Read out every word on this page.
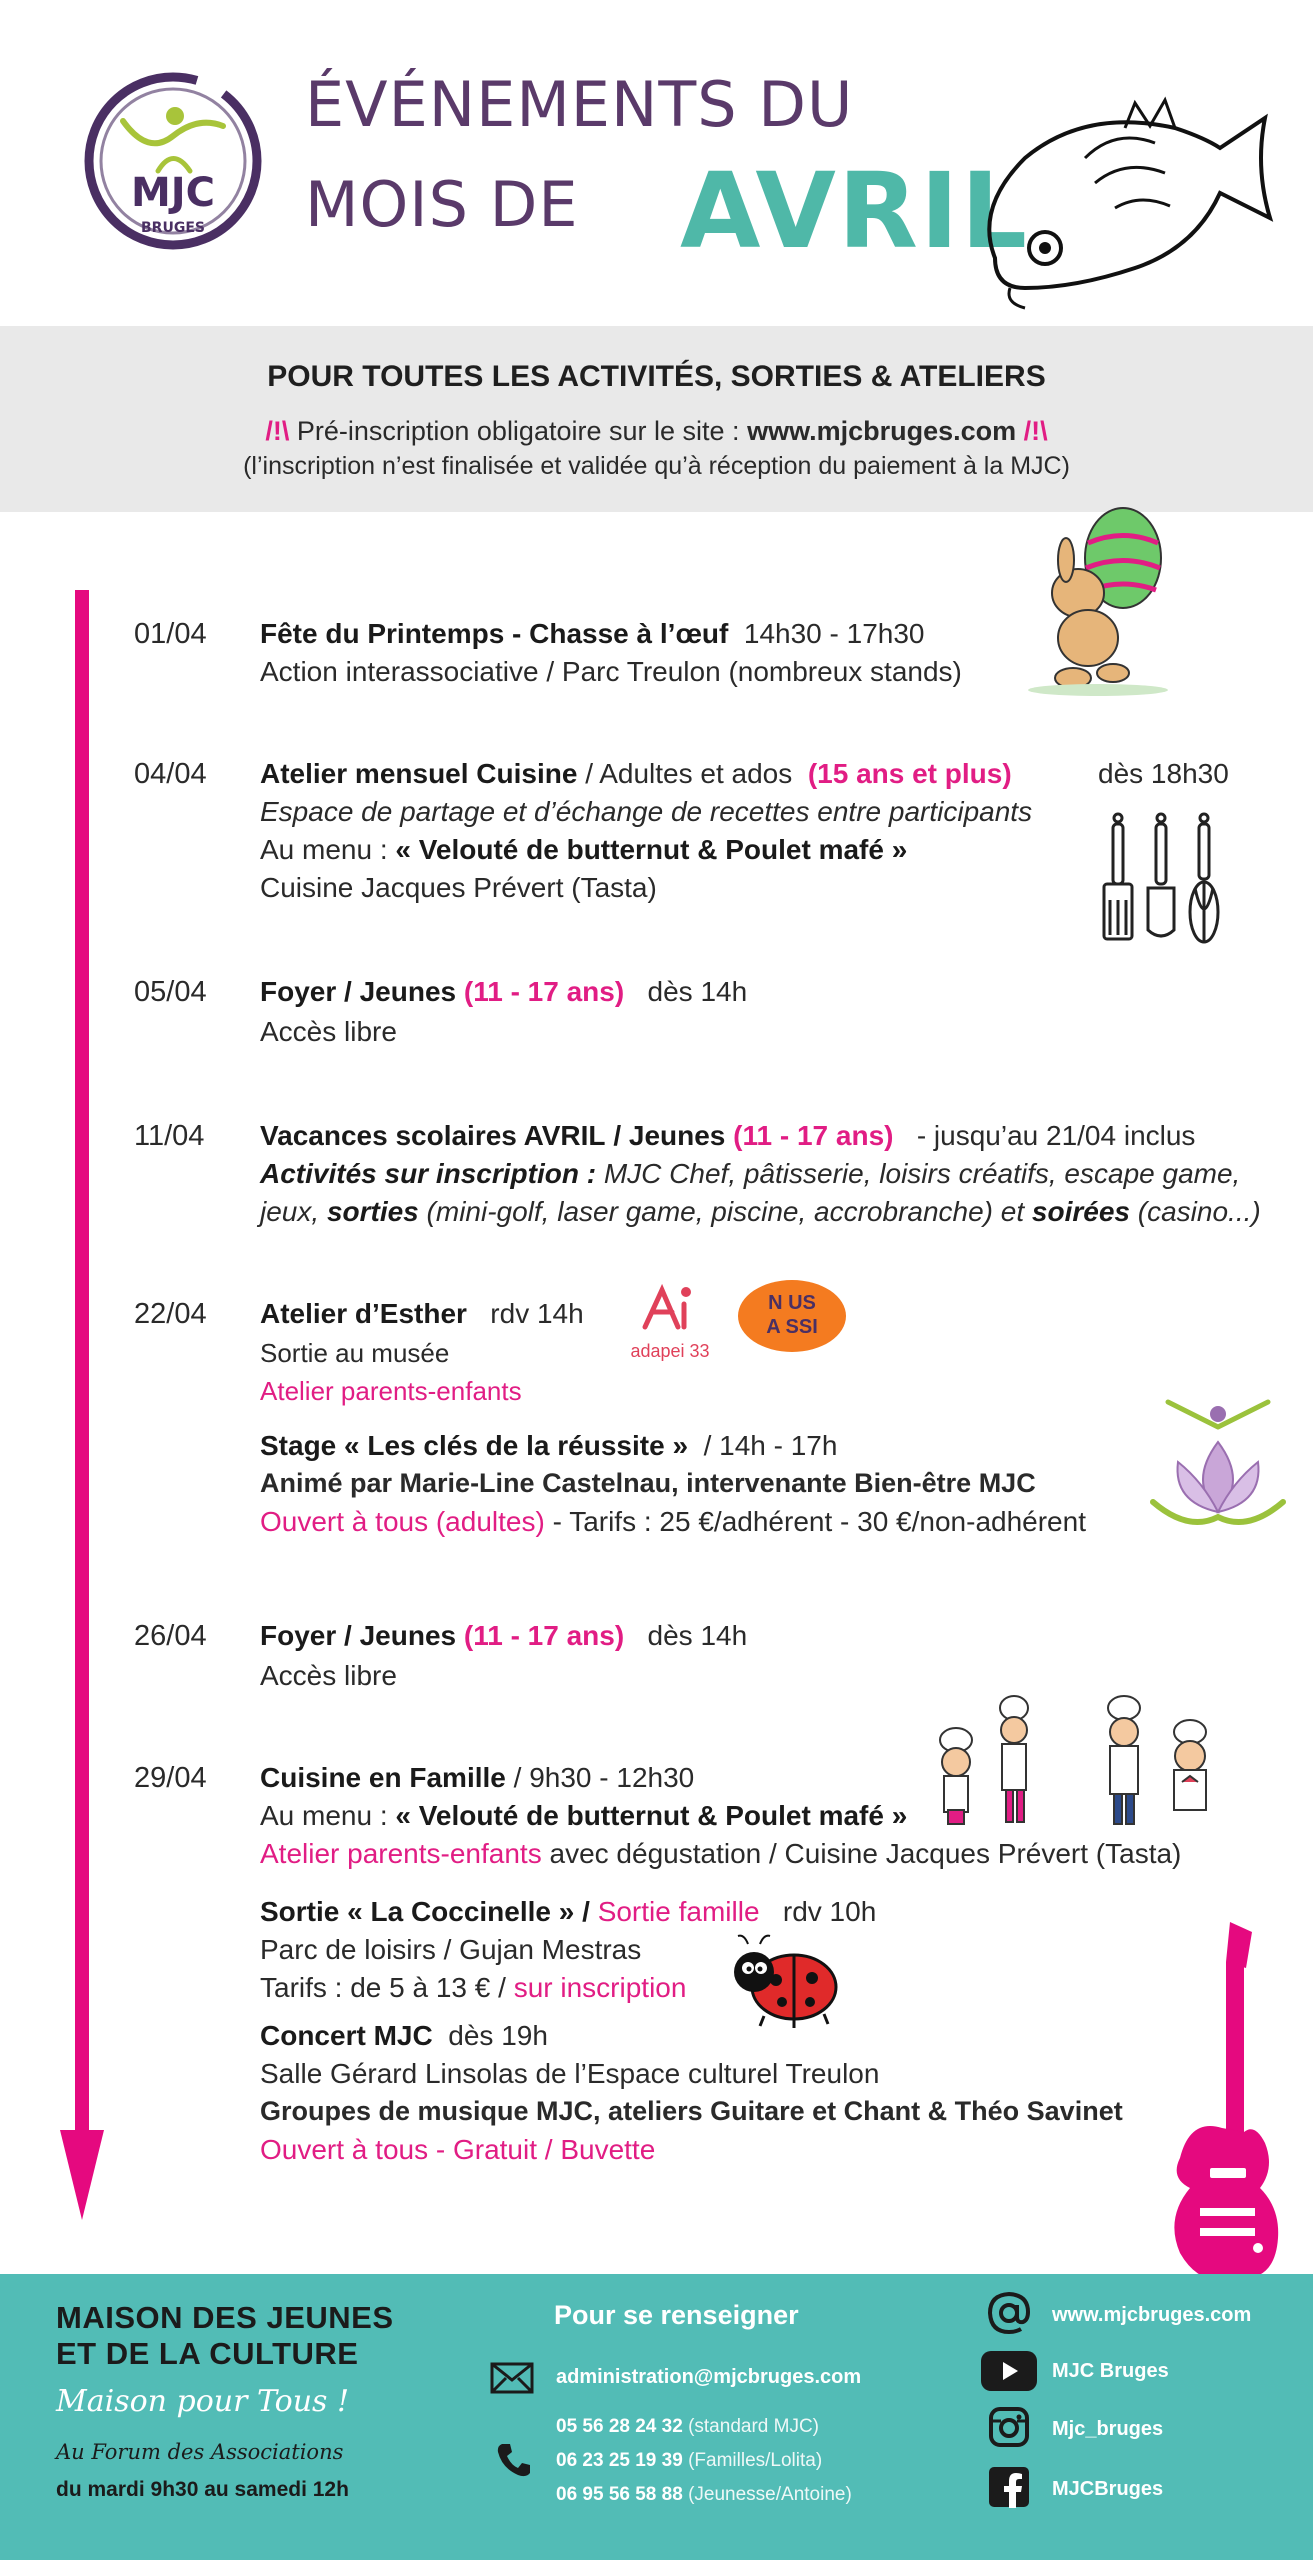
MJC
BRUGES
ÉVÉNEMENTS DU
MOIS DE AVRIL
POUR TOUTES LES ACTIVITÉS, SORTIES & ATELIERS
/!\ Pré-inscription obligatoire sur le site : www.mjcbruges.com /!\
(l’inscription n’est finalisée et validée qu’à réception du paiement à la MJC)
01/04 Fête du Printemps - Chasse à l’œuf 14h30 - 17h30
Action interassociative / Parc Treulon (nombreux stands)
04/04 Atelier mensuel Cuisine / Adultes et ados (15 ans et plus)	dès 18h30
Espace de partage et d’échange de recettes entre participants
Au menu : « Velouté de butternut & Poulet mafé »
Cuisine Jacques Prévert (Tasta)
05/04 Foyer / Jeunes (11 - 17 ans) dès 14h
Accès libre
11/04 Vacances scolaires AVRIL / Jeunes (11 - 17 ans) - jusqu’au 21/04 inclus
Activités sur inscription : MJC Chef, pâtisserie, loisirs créatifs, escape game,
jeux, sorties (mini-golf, laser game, piscine, accrobranche) et soirées (casino...)
22/04 Atelier d’Esther rdv 14h
Sortie au musée
Atelier parents-enfants
adapei 33
N US
A SSI
Stage « Les clés de la réussite » / 14h - 17h
Animé par Marie-Line Castelnau, intervenante Bien-être MJC
Ouvert à tous (adultes) - Tarifs : 25 €/adhérent - 30 €/non-adhérent
26/04 Foyer / Jeunes (11 - 17 ans) dès 14h
Accès libre
29/04 Cuisine en Famille / 9h30 - 12h30
Au menu : « Velouté de butternut & Poulet mafé »
Atelier parents-enfants avec dégustation / Cuisine Jacques Prévert (Tasta)
Sortie « La Coccinelle » / Sortie famille rdv 10h
Parc de loisirs / Gujan Mestras
Tarifs : de 5 à 13 € / sur inscription
Concert MJC dès 19h
Salle Gérard Linsolas de l’Espace culturel Treulon
Groupes de musique MJC, ateliers Guitare et Chant & Théo Savinet
Ouvert à tous - Gratuit / Buvette
MAISON DES JEUNES
ET DE LA CULTURE
Maison pour Tous !
Au Forum des Associations
du mardi 9h30 au samedi 12h
Pour se renseigner
administration@mjcbruges.com
05 56 28 24 32 (standard MJC)
06 23 25 19 39 (Familles/Lolita)
06 95 56 58 88 (Jeunesse/Antoine)
www.mjcbruges.com
MJC Bruges
Mjc_bruges
MJCBruges
